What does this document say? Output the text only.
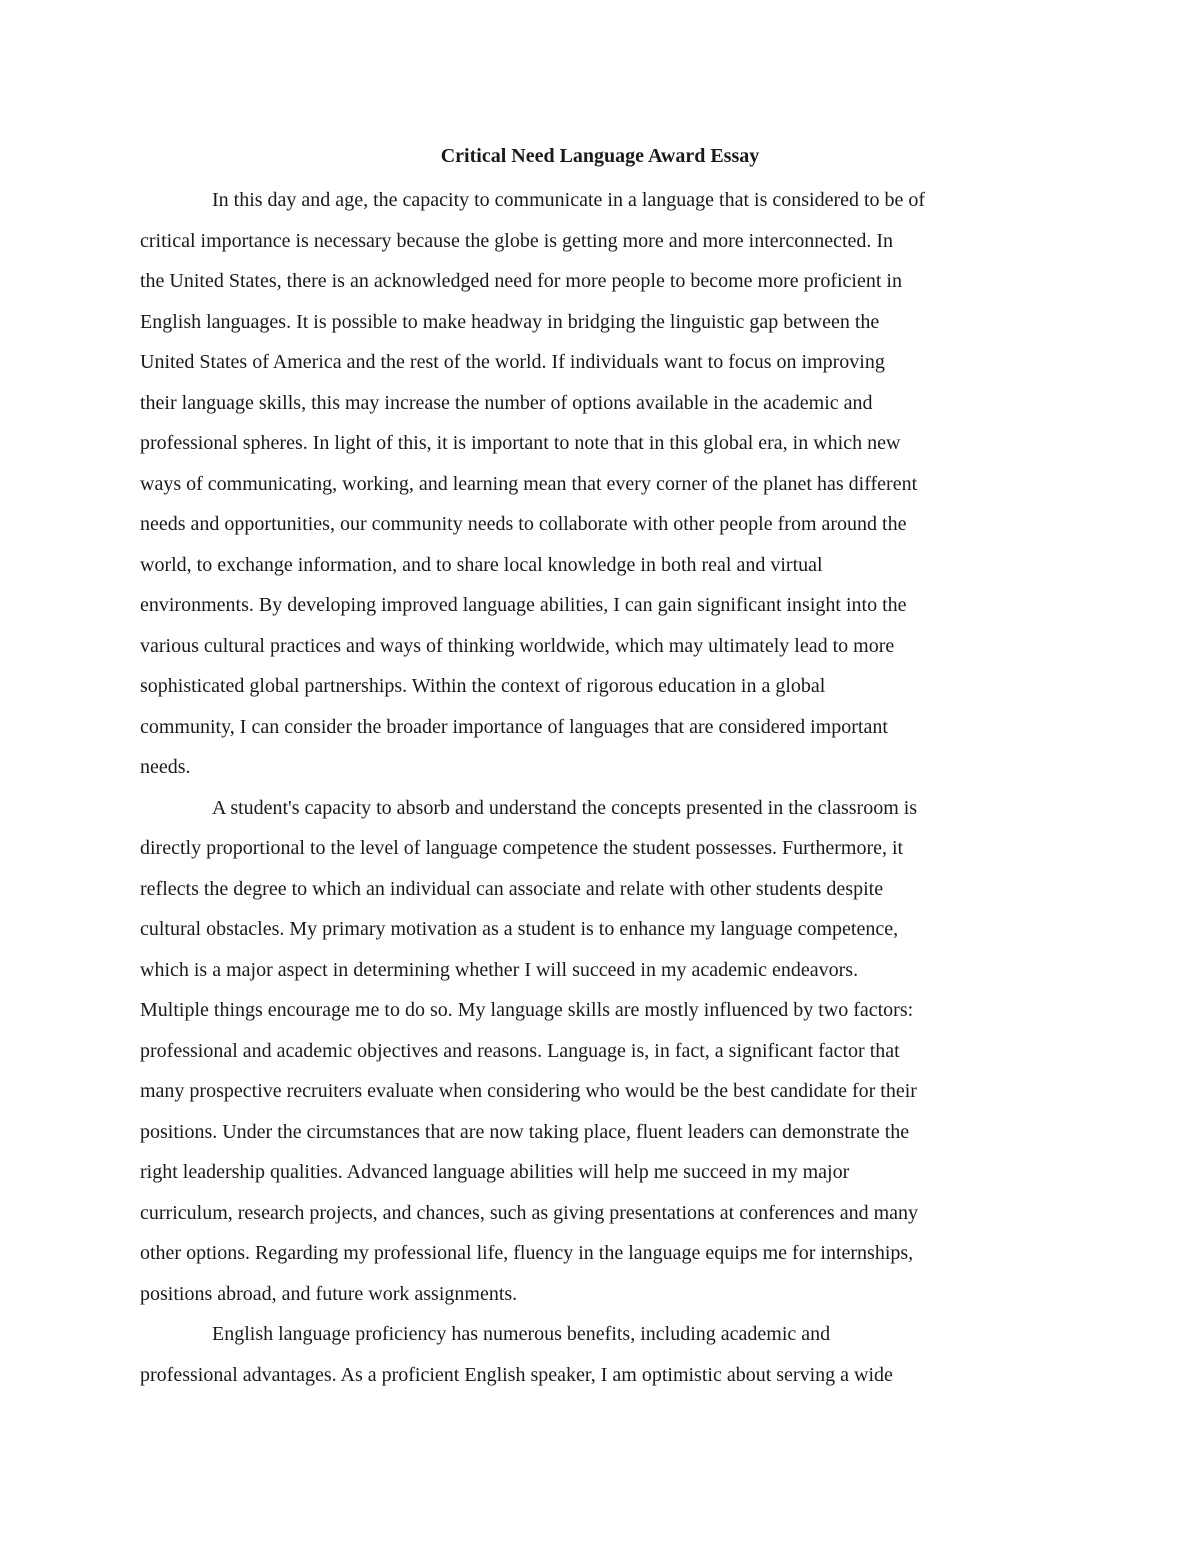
Critical Need Language Award Essay
In this day and age, the capacity to communicate in a language that is considered to be of
critical importance is necessary because the globe is getting more and more interconnected. In
the United States, there is an acknowledged need for more people to become more proficient in
English languages. It is possible to make headway in bridging the linguistic gap between the
United States of America and the rest of the world. If individuals want to focus on improving
their language skills, this may increase the number of options available in the academic and
professional spheres. In light of this, it is important to note that in this global era, in which new
ways of communicating, working, and learning mean that every corner of the planet has different
needs and opportunities, our community needs to collaborate with other people from around the
world, to exchange information, and to share local knowledge in both real and virtual
environments. By developing improved language abilities, I can gain significant insight into the
various cultural practices and ways of thinking worldwide, which may ultimately lead to more
sophisticated global partnerships. Within the context of rigorous education in a global
community, I can consider the broader importance of languages that are considered important
needs.
A student's capacity to absorb and understand the concepts presented in the classroom is
directly proportional to the level of language competence the student possesses. Furthermore, it
reflects the degree to which an individual can associate and relate with other students despite
cultural obstacles. My primary motivation as a student is to enhance my language competence,
which is a major aspect in determining whether I will succeed in my academic endeavors.
Multiple things encourage me to do so. My language skills are mostly influenced by two factors:
professional and academic objectives and reasons. Language is, in fact, a significant factor that
many prospective recruiters evaluate when considering who would be the best candidate for their
positions. Under the circumstances that are now taking place, fluent leaders can demonstrate the
right leadership qualities. Advanced language abilities will help me succeed in my major
curriculum, research projects, and chances, such as giving presentations at conferences and many
other options. Regarding my professional life, fluency in the language equips me for internships,
positions abroad, and future work assignments.
English language proficiency has numerous benefits, including academic and
professional advantages. As a proficient English speaker, I am optimistic about serving a wide
